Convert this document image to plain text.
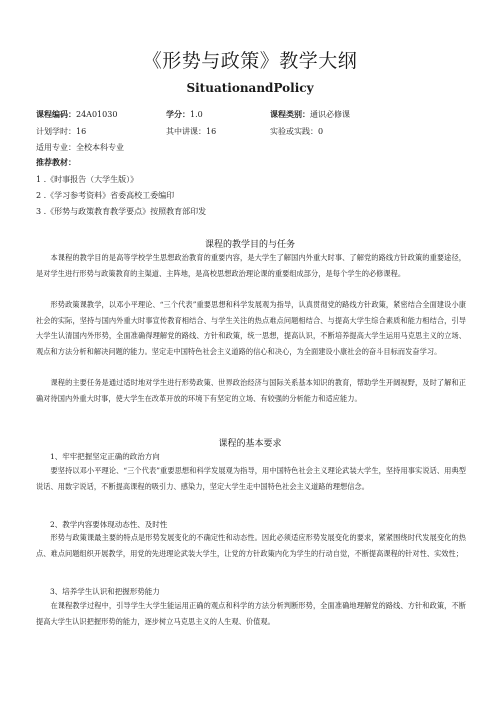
《形势与政策》教学大纲
SituationandPolicy
课程编码：24A01030	学分：1.0	课程类别：通识必修课
计划学时：16	其中讲课：16	实验或实践：0
适用专业：全校本科专业
推荐教材：
1 .《时事报告（大学生版）》
2 .《学习参考资料》省委高校工委编印
3 .《形势与政策教育教学要点》按照教育部印发
课程的教学目的与任务
本课程的教学目的是高等学校学生思想政治教育的重要内容，是大学生了解国内外重大时事、了解党的路线方针政策的重要途径，是对学生进行形势与政策教育的主渠道、主阵地，是高校思想政治理论课的重要组成部分，是每个学生的必修课程。
形势政策课教学，以邓小平理论、“三个代表”重要思想和科学发展观为指导，认真贯彻党的路线方针政策，紧密结合全面建设小康社会的实际，坚持与国内外重大时事宣传教育相结合、与学生关注的热点难点问题相结合、与提高大学生综合素质和能力相结合，引导大学生认清国内外形势，全面准确得理解党的路线、方针和政策，统一思想，提高认识，不断培养提高大学生运用马克思主义的立场、观点和方法分析和解决问题的能力。坚定走中国特色社会主义道路的信心和决心，为全面建设小康社会的奋斗目标而发奋学习。
课程的主要任务是通过适时地对学生进行形势政策、世界政治经济与国际关系基本知识的教育，帮助学生开阔视野，及时了解和正确对待国内外重大时事，使大学生在改革开放的环境下有坚定的立场、有较强的分析能力和适应能力。
课程的基本要求
1、牢牢把握坚定正确的政治方向
要坚持以邓小平理论、“三个代表”重要思想和科学发展观为指导，用中国特色社会主义理论武装大学生，坚持用事实说话、用典型说话、用数字说话，不断提高课程的吸引力、感染力，坚定大学生走中国特色社会主义道路的理想信念。
2、教学内容要体现动态性、及时性
形势与政策课最主要的特点是形势发展变化的不确定性和动态性。因此必须适应形势发展变化的要求，紧紧围绕时代发展变化的热点、难点问题组织开展教学，用党的先进理论武装大学生，让党的方针政策内化为学生的行动自觉，不断提高课程的针对性、实效性；
3、培养学生认识和把握形势能力
在课程教学过程中，引导学生大学生能运用正确的观点和科学的方法分析判断形势，全面准确地理解党的路线、方针和政策，不断提高大学生认识把握形势的能力，逐步树立马克思主义的人生观、价值观。
